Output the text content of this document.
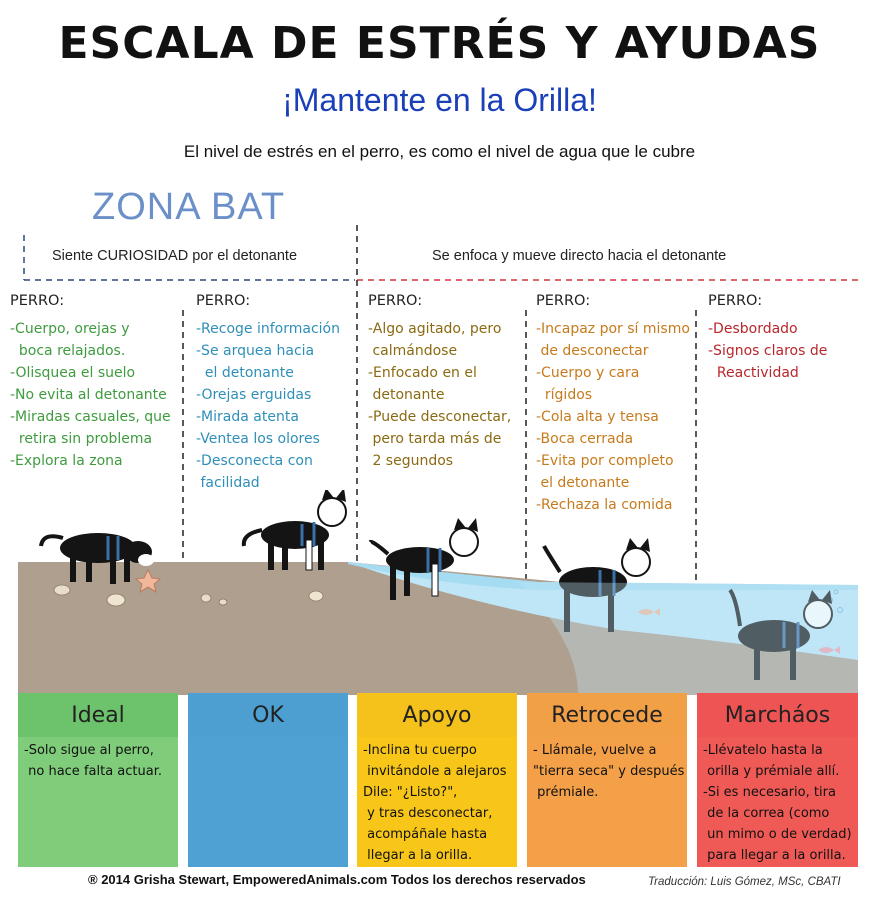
ESCALA DE ESTRÉS Y AYUDAS
¡Mantente en la Orilla!
El nivel de estrés en el perro, es como el nivel de agua que le cubre
ZONA BAT
Siente CURIOSIDAD por el detonante	Se enfoca y mueve directo hacia el detonante
PERRO:
-Cuerpo, orejas y
boca relajados.
-Olisquea el suelo
-No evita al detonante
-Miradas casuales, que
retira sin problema
-Explora la zona
PERRO:
-Recoge información
-Se arquea hacia
el detonante
-Orejas erguidas
-Mirada atenta
-Ventea los olores
-Desconecta con
facilidad
PERRO:
-Algo agitado, pero
calmándose
-Enfocado en el
detonante
-Puede desconectar,
pero tarda más de
2 segundos
PERRO:
-Incapaz por sí mismo
de desconectar
-Cuerpo y cara
rígidos
-Cola alta y tensa
-Boca cerrada
-Evita por completo
el detonante
-Rechaza la comida
PERRO:
-Desbordado
-Signos claros de
Reactividad
Ideal	OK	Apoyo	Retrocede	Marcháos
-Solo sigue al perro,
no hace falta actuar.
-Inclina tu cuerpo
invitándole a alejaros
Dile: "¿Listo?",
y tras desconectar,
acompáñale hasta
llegar a la orilla.
- Llámale, vuelve a
"tierra seca" y después
prémiale.
-Llévatelo hasta la
orilla y prémiale allí.
-Si es necesario, tira
de la correa (como
un mimo o de verdad)
para llegar a la orilla.
® 2014 Grisha Stewart, EmpoweredAnimals.com Todos los derechos reservados	Traducción: Luis Gómez, MSc, CBATI
